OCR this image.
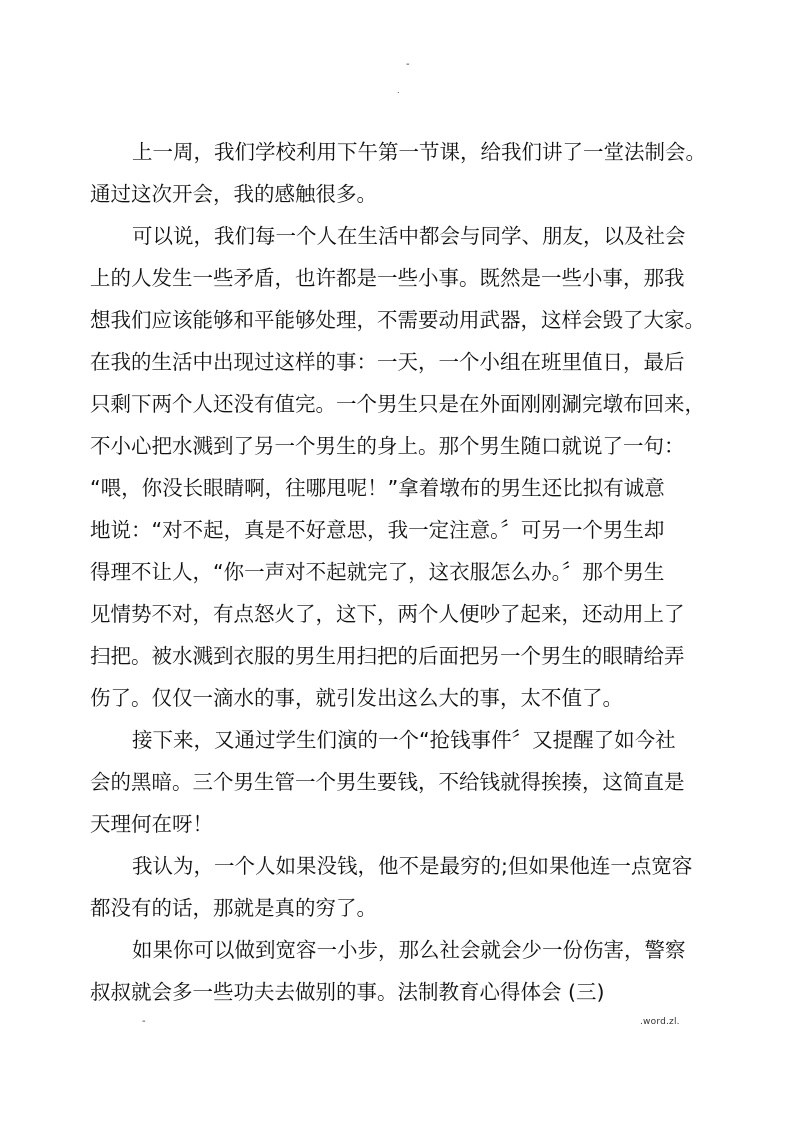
-
.
上一周，我们学校利用下午第一节课，给我们讲了一堂法制会。
通过这次开会，我的感触很多。
可以说，我们每一个人在生活中都会与同学、朋友，以及社会
上的人发生一些矛盾，也许都是一些小事。既然是一些小事，那我
想我们应该能够和平能够处理，不需要动用武器，这样会毁了大家。
在我的生活中出现过这样的事：一天，一个小组在班里值日，最后
只剩下两个人还没有值完。一个男生只是在外面刚刚涮完墩布回来，
不小心把水溅到了另一个男生的身上。那个男生随口就说了一句：
“喂，你没长眼睛啊，往哪甩呢！”拿着墩布的男生还比拟有诚意
地说：“对不起，真是不好意思，我一定注意。〞可另一个男生却
得理不让人，“你一声对不起就完了，这衣服怎么办。〞那个男生
见情势不对，有点怒火了，这下，两个人便吵了起来，还动用上了
扫把。被水溅到衣服的男生用扫把的后面把另一个男生的眼睛给弄
伤了。仅仅一滴水的事，就引发出这么大的事，太不值了。
接下来，又通过学生们演的一个“抢钱事件〞又提醒了如今社
会的黑暗。三个男生管一个男生要钱，不给钱就得挨揍，这简直是
天理何在呀！
我认为，一个人如果没钱，他不是最穷的;但如果他连一点宽容
都没有的话，那就是真的穷了。
如果你可以做到宽容一小步，那么社会就会少一份伤害，警察
叔叔就会多一些功夫去做别的事。法制教育心得体会 (三)
-	.word.zl.
